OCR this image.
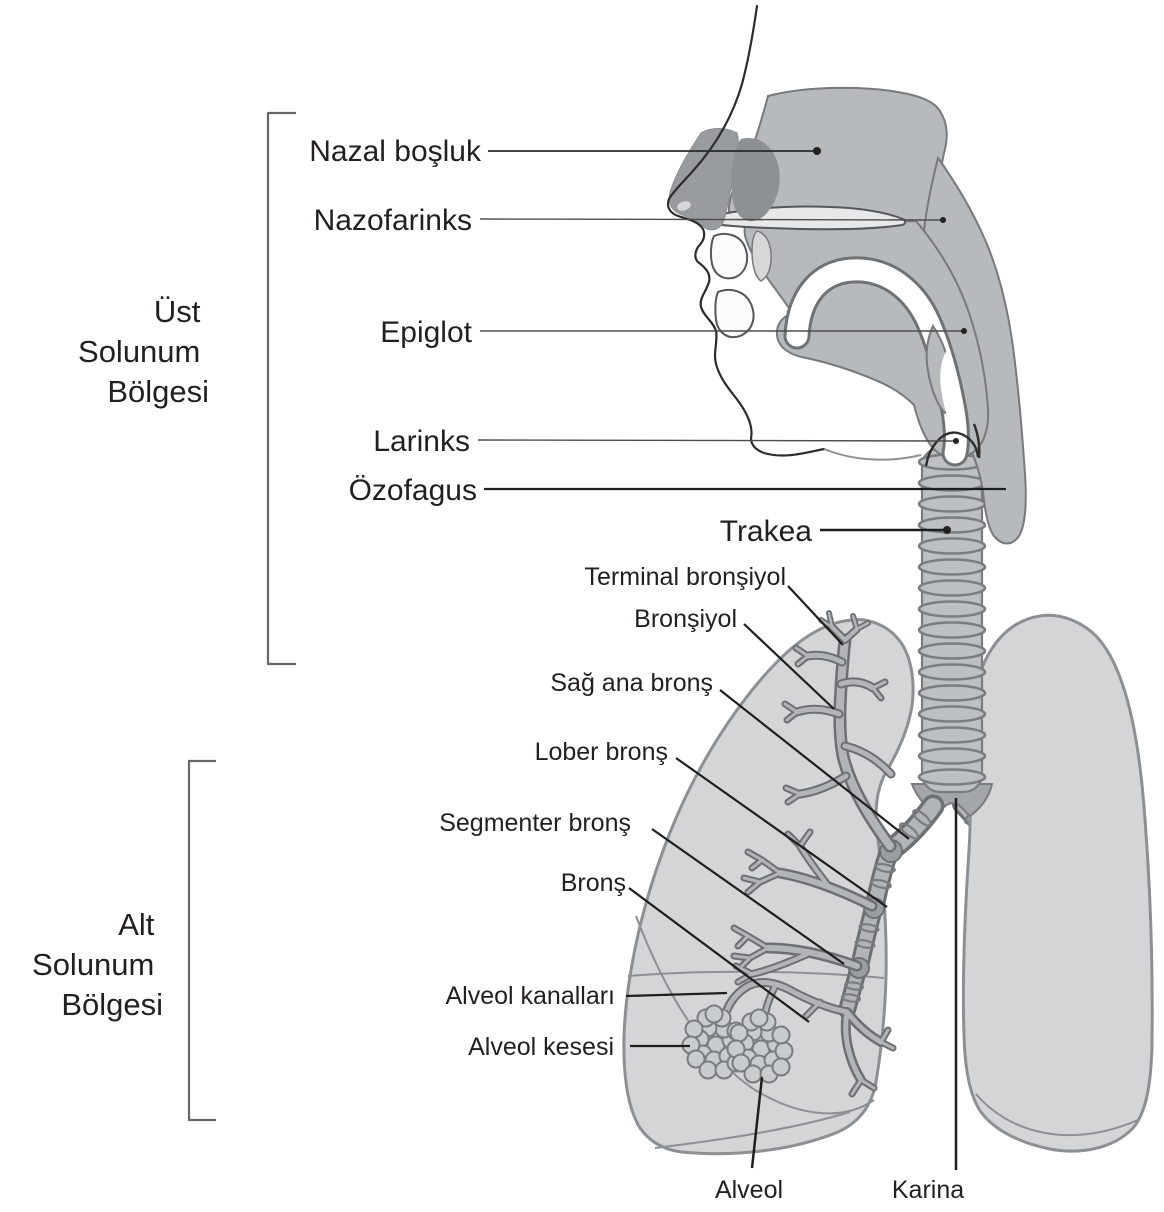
Nazal boşluk
Nazofarinks
Epiglot
Larinks
Özofagus
Trakea
Terminal bronşiyol
Bronşiyol
Sağ ana bronş
Lober bronş
Segmenter bronş
Bronş
Alveol kanalları
Alveol kesesi
Alveol	Karina
Üst Solunum Bölgesi
Alt Solunum Bölgesi
